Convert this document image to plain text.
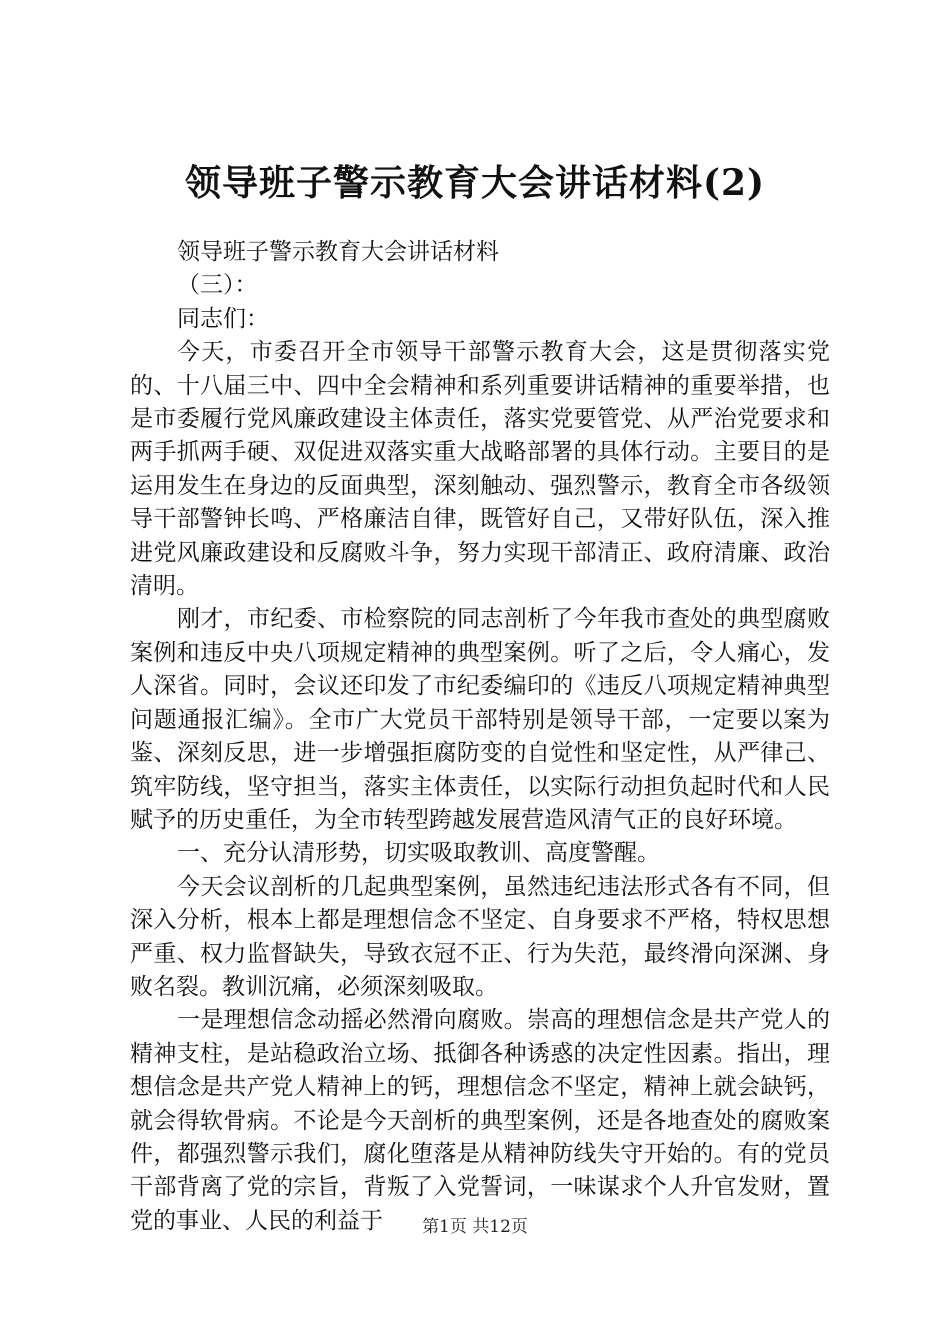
领导班子警示教育大会讲话材料(2)

领导班子警示教育大会讲话材料

（三）：

同志们：

今天，市委召开全市领导干部警示教育大会，这是贯彻落实党的、十八届三中、四中全会精神和系列重要讲话精神的重要举措，也是市委履行党风廉政建设主体责任，落实党要管党、从严治党要求和两手抓两手硬、双促进双落实重大战略部署的具体行动。主要目的是运用发生在身边的反面典型，深刻触动、强烈警示，教育全市各级领导干部警钟长鸣、严格廉洁自律，既管好自己，又带好队伍，深入推进党风廉政建设和反腐败斗争，努力实现干部清正、政府清廉、政治清明。

刚才，市纪委、市检察院的同志剖析了今年我市查处的典型腐败案例和违反中央八项规定精神的典型案例。听了之后，令人痛心，发人深省。同时，会议还印发了市纪委编印的《违反八项规定精神典型问题通报汇编》。全市广大党员干部特别是领导干部，一定要以案为鉴、深刻反思，进一步增强拒腐防变的自觉性和坚定性，从严律己、筑牢防线，坚守担当，落实主体责任，以实际行动担负起时代和人民赋予的历史重任，为全市转型跨越发展营造风清气正的良好环境。

一、充分认清形势，切实吸取教训、高度警醒。

今天会议剖析的几起典型案例，虽然违纪违法形式各有不同，但深入分析，根本上都是理想信念不坚定、自身要求不严格，特权思想严重、权力监督缺失，导致衣冠不正、行为失范，最终滑向深渊、身败名裂。教训沉痛，必须深刻吸取。

一是理想信念动摇必然滑向腐败。崇高的理想信念是共产党人的精神支柱，是站稳政治立场、抵御各种诱惑的决定性因素。指出，理想信念是共产党人精神上的钙，理想信念不坚定，精神上就会缺钙，就会得软骨病。不论是今天剖析的典型案例，还是各地查处的腐败案件，都强烈警示我们，腐化堕落是从精神防线失守开始的。有的党员干部背离了党的宗旨，背叛了入党誓词，一味谋求个人升官发财，置党的事业、人民的利益于	第1页 共12页
